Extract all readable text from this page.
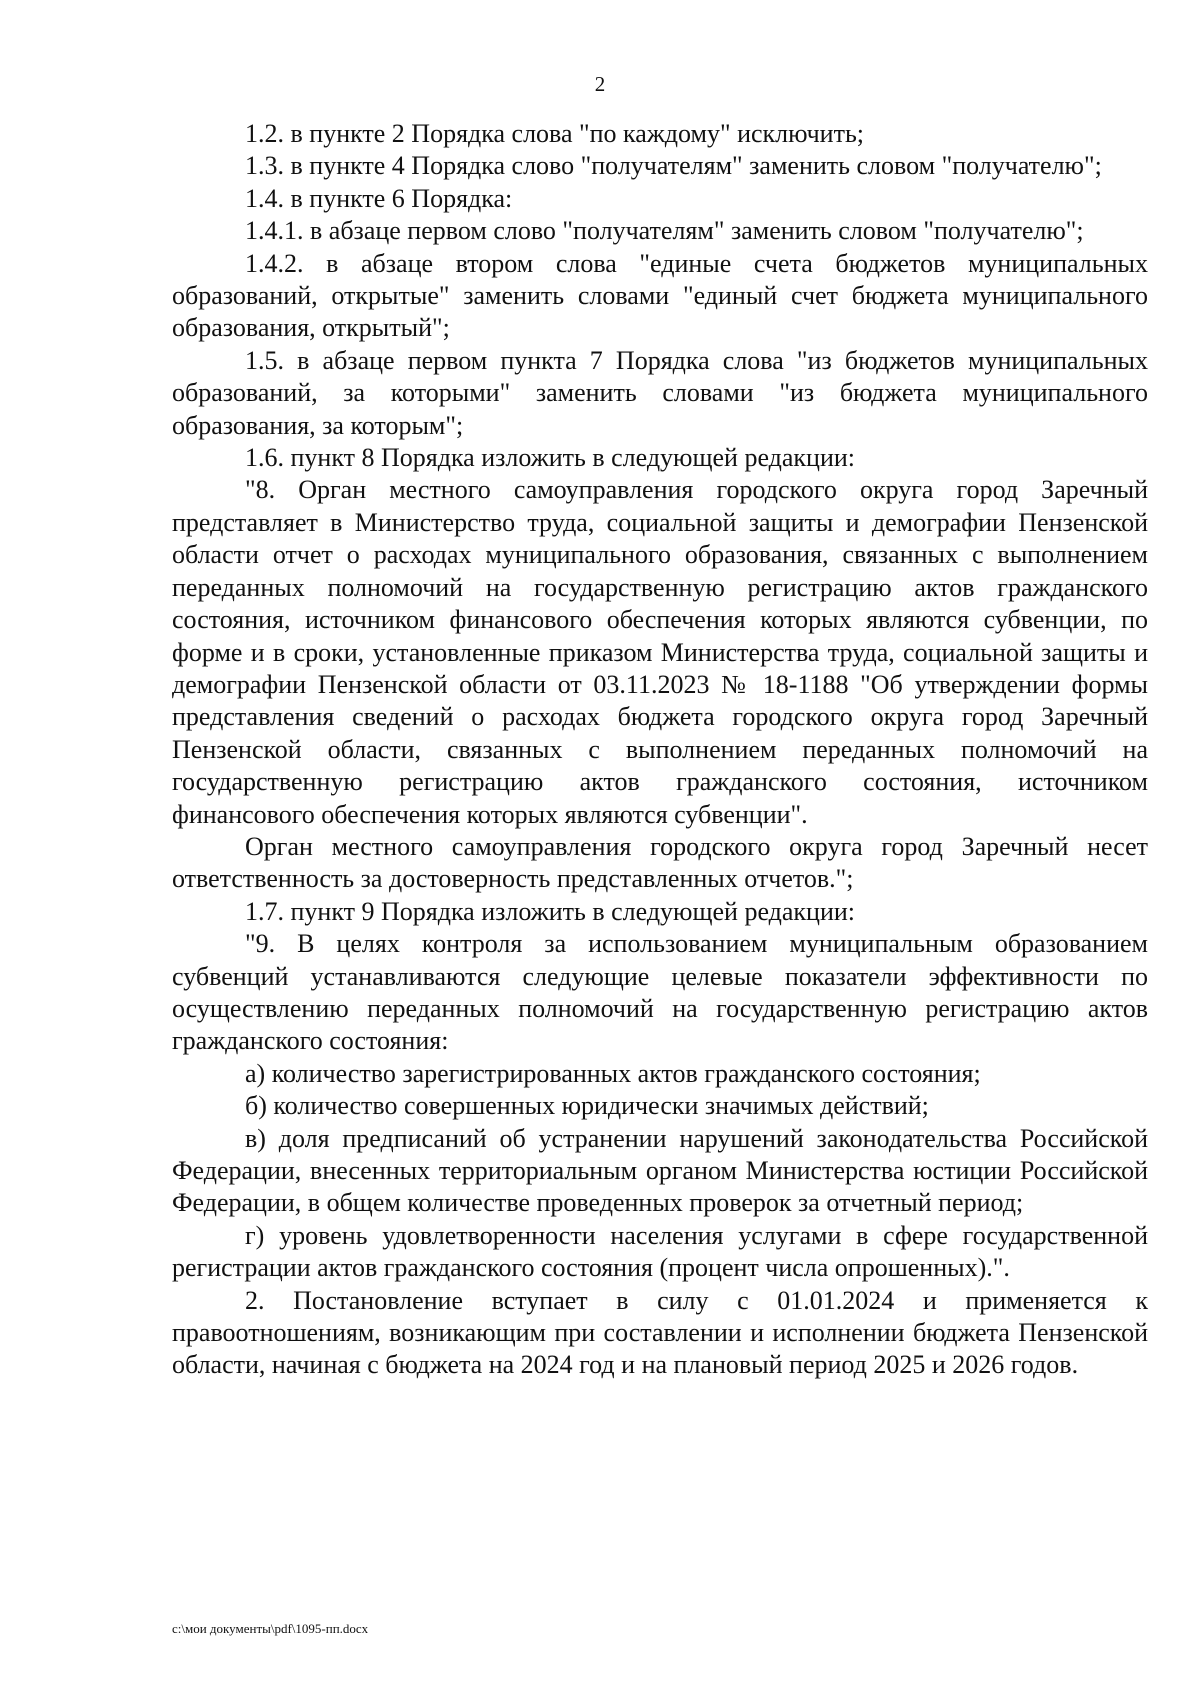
2

1.2. в пункте 2 Порядка слова "по каждому" исключить;

1.3. в пункте 4 Порядка слово "получателям" заменить словом "получателю";

1.4. в пункте 6 Порядка:

1.4.1. в абзаце первом слово "получателям" заменить словом "получателю";

1.4.2. в абзаце втором слова "единые счета бюджетов муниципальных образований, открытые" заменить словами "единый счет бюджета муниципального образования, открытый";

1.5. в абзаце первом пункта 7 Порядка слова "из бюджетов муниципальных образований, за которыми" заменить словами "из бюджета муниципального образования, за которым";

1.6. пункт 8 Порядка изложить в следующей редакции:

"8. Орган местного самоуправления городского округа город Заречный представляет в Министерство труда, социальной защиты и демографии Пензенской области отчет о расходах муниципального образования, связанных с выполнением переданных полномочий на государственную регистрацию актов гражданского состояния, источником финансового обеспечения которых являются субвенции, по форме и в сроки, установленные приказом Министерства труда, социальной защиты и демографии Пензенской области от 03.11.2023 № 18-1188 "Об утверждении формы представления сведений о расходах бюджета городского округа город Заречный Пензенской области, связанных с выполнением переданных полномочий на государственную регистрацию актов гражданского состояния, источником финансового обеспечения которых являются субвенции".

Орган местного самоуправления городского округа город Заречный несет ответственность за достоверность представленных отчетов.";

1.7. пункт 9 Порядка изложить в следующей редакции:

"9. В целях контроля за использованием муниципальным образованием субвенций устанавливаются следующие целевые показатели эффективности по осуществлению переданных полномочий на государственную регистрацию актов гражданского состояния:

а) количество зарегистрированных актов гражданского состояния;

б) количество совершенных юридически значимых действий;

в) доля предписаний об устранении нарушений законодательства Российской Федерации, внесенных территориальным органом Министерства юстиции Российской Федерации, в общем количестве проведенных проверок за отчетный период;

г) уровень удовлетворенности населения услугами в сфере государственной регистрации актов гражданского состояния (процент числа опрошенных).".

2. Постановление вступает в силу с 01.01.2024 и применяется к правоотношениям, возникающим при составлении и исполнении бюджета Пензенской области, начиная с бюджета на 2024 год и на плановый период 2025 и 2026 годов.

c:\мои документы\pdf\1095-пп.docx
